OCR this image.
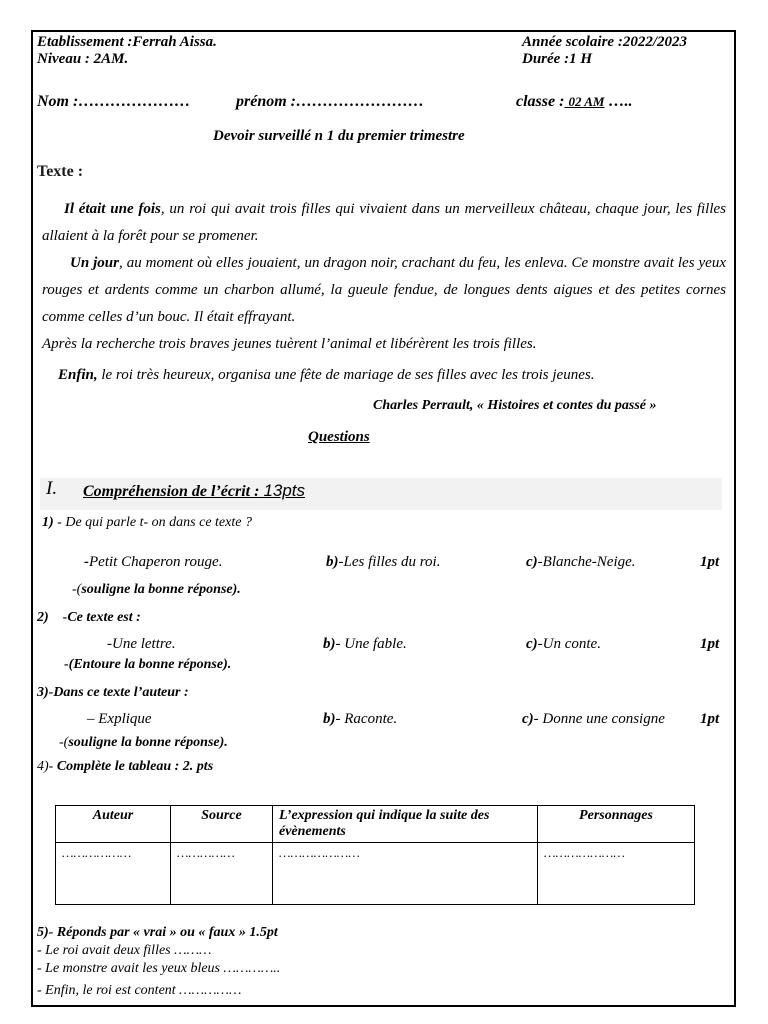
Etablissement :Ferrah Aissa.
Niveau : 2AM.
Année scolaire :2022/2023
Durée :1 H
Nom :…………………	prénom :……………………	classe : 02 AM …..
Devoir surveillé n 1 du premier trimestre
Texte :
Il était une fois, un roi qui avait trois filles qui vivaient dans un merveilleux château, chaque jour, les filles allaient à la forêt pour se promener.
Un jour, au moment où elles jouaient, un dragon noir, crachant du feu, les enleva. Ce monstre avait les yeux rouges et ardents comme un charbon allumé, la gueule fendue, de longues dents aigues et des petites cornes comme celles d’un bouc. Il était effrayant.
Après la recherche trois braves jeunes tuèrent l’animal et libérèrent les trois filles.
Enfin, le roi très heureux, organisa une fête de mariage de ses filles avec les trois jeunes.
Charles Perrault, « Histoires et contes du passé »
Questions
I. Compréhension de l’écrit : 13pts
1) - De qui parle t- on dans ce texte ?
-Petit Chaperon rouge.	b)-Les filles du roi.	c)-Blanche-Neige.	1pt
-(souligne la bonne réponse).
2) -Ce texte est :
-Une lettre.	b)- Une fable.	c)-Un conte.	1pt
-(Entoure la bonne réponse).
3)-Dans ce texte l’auteur :
– Explique	b)- Raconte.	c)- Donne une consigne 1pt
-(souligne la bonne réponse).
4)- Complète le tableau : 2. pts
Auteur	Source	L’expression qui indique la suite des évènements	Personnages
………………	……………	…………………	…………………
5)- Réponds par « vrai » ou « faux » 1.5pt
- Le roi avait deux filles ………
- Le monstre avait les yeux bleus …………..
- Enfin, le roi est content ……………
